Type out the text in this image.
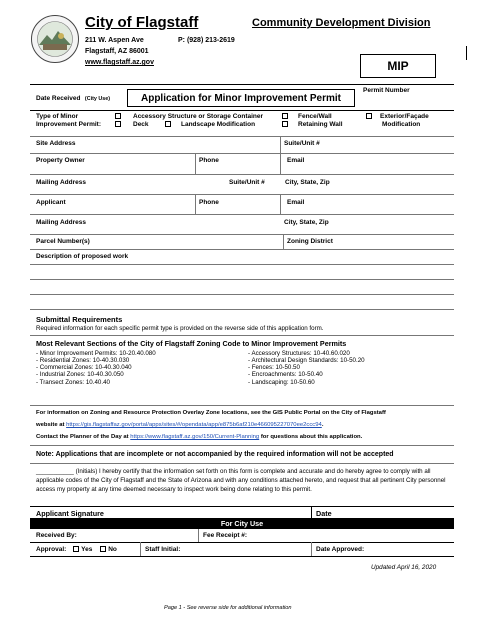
City of Flagstaff	Community Development Division
211 W. Aspen Ave	P: (928) 213-2619
Flagstaff, AZ 86001
www.flagstaff.az.gov	MIP
Date Received (City Use)	Application for Minor Improvement Permit
Permit Number
Type of Minor
Improvement Permit:
Accessory Structure or Storage Container
Deck	Landscape Modification
Fence/Wall
Retaining Wall
Exterior/Façade
Modification
Site Address	Suite/Unit #
Property Owner	Phone	Email
Mailing Address	Suite/Unit #	City, State, Zip
Applicant	Phone	Email
Mailing Address	City, State, Zip
Parcel Number(s)	Zoning District
Description of proposed work
Submittal Requirements
Required information for each specific permit type is provided on the reverse side of this application form.
Most Relevant Sections of the City of Flagstaff Zoning Code to Minor Improvement Permits
- Minor Improvement Permits: 10-20.40.080
- Residential Zones: 10-40.30.030
- Commercial Zones: 10-40.30.040
- Industrial Zones: 10-40.30.050
- Transect Zones: 10.40.40
- Accessory Structures: 10-40.60.020
- Architectural Design Standards: 10-50.20
- Fences: 10-50.50
- Encroachments: 10-50.40
- Landscaping: 10-50.60
For information on Zoning and Resource Protection Overlay Zone locations, see the GIS Public Portal on the City of Flagstaff
website at https://gis.flagstaffaz.gov/portal/apps/sites/#/opendata/app/e875b6af210e466095227070ee2ccc94.
Contact the Planner of the Day at https://www.flagstaff.az.gov/150/Current-Planning for questions about this application.
Note: Applications that are incomplete or not accompanied by the required information will not be accepted
___________ (Initials) I hereby certify that the information set forth on this form is complete and accurate and do hereby agree to comply with all applicable codes of the City of Flagstaff and the State of Arizona and with any conditions attached hereto, and request that all pertinent City personnel access my property at any time deemed necessary to inspect work being done relating to this permit.
Applicant Signature	Date
For City Use
Received By:	Fee Receipt #:
Approval: Yes No	Staff Initial:	Date Approved:
Updated April 16, 2020
Page 1 - See reverse side for additional information
